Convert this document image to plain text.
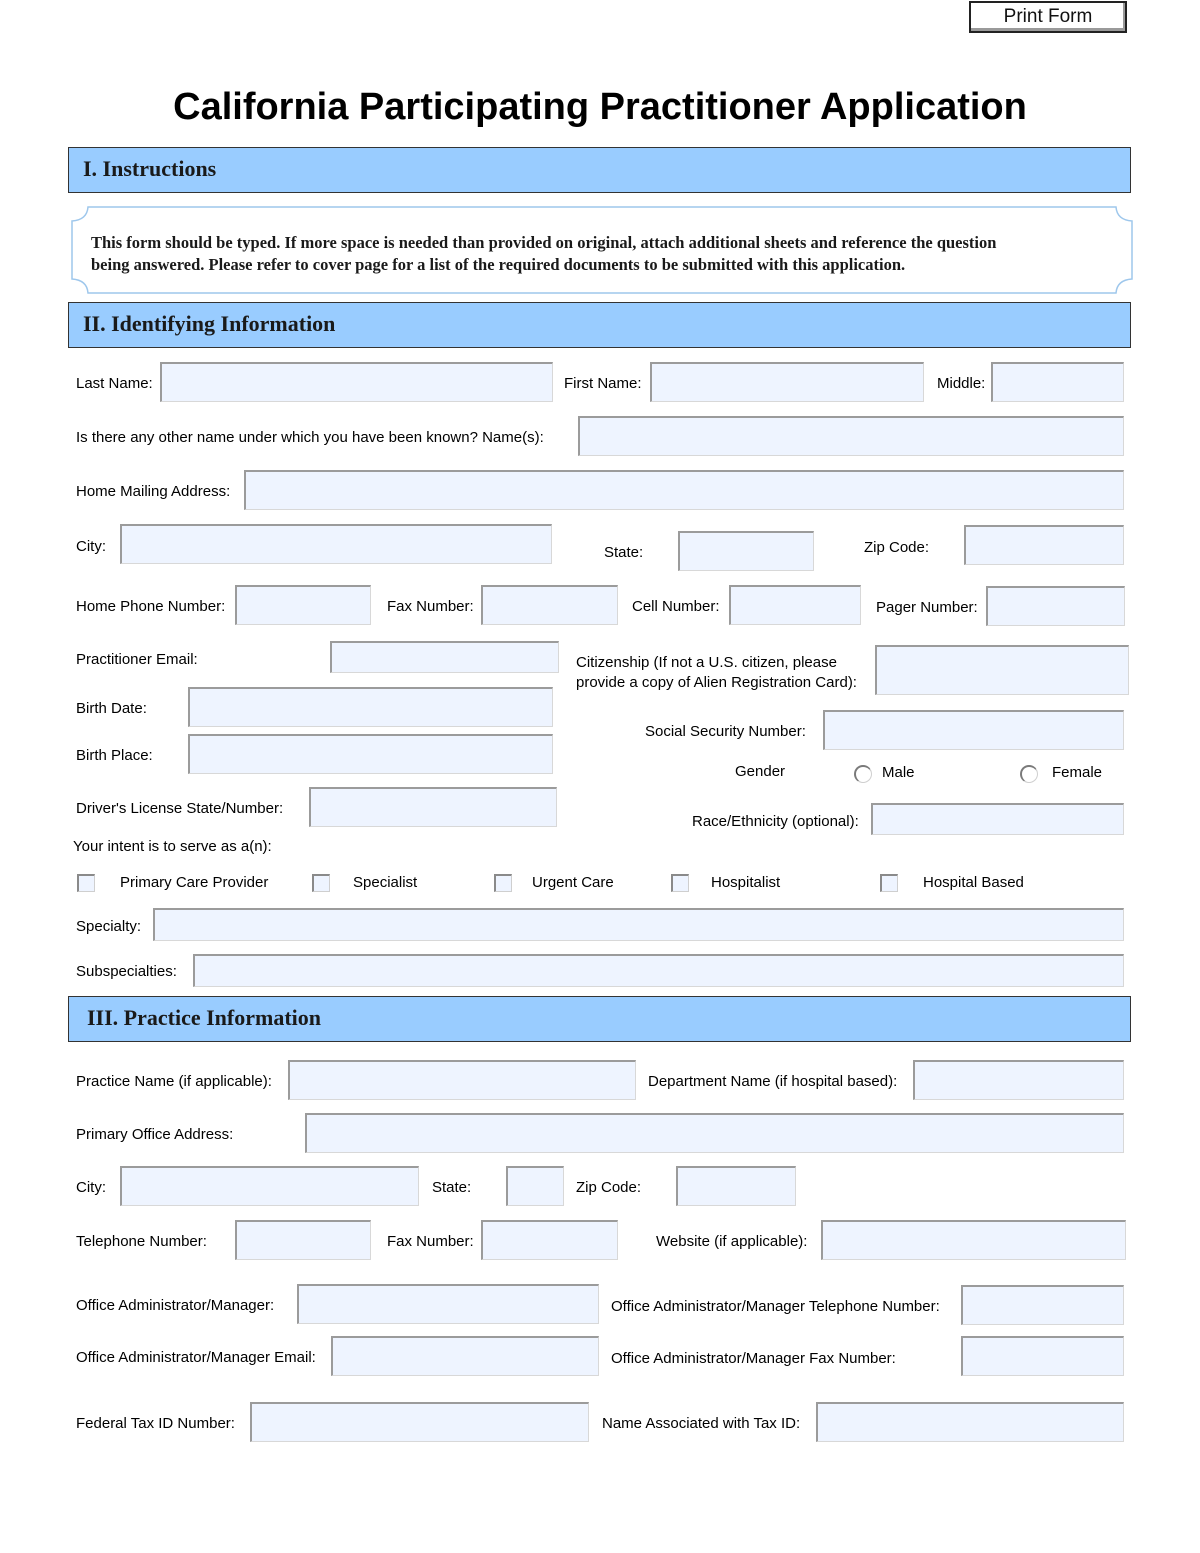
Print Form
California Participating Practitioner Application
I. Instructions
This form should be typed. If more space is needed than provided on original, attach additional sheets and reference the question
being answered. Please refer to cover page for a list of the required documents to be submitted with this application.
II. Identifying Information
Last Name:	First Name:	Middle:
Is there any other name under which you have been known? Name(s):
Home Mailing Address:
City:	State:	Zip Code:
Home Phone Number:	Fax Number:	Cell Number:	Pager Number:
Practitioner Email:	Citizenship (If not a U.S. citizen, please
provide a copy of Alien Registration Card):
Birth Date:
Social Security Number:
Birth Place:
Gender	Male	Female
Driver's License State/Number:
Race/Ethnicity (optional):
Your intent is to serve as a(n):
Primary Care Provider	Specialist	Urgent Care	Hospitalist	Hospital Based
Specialty:
Subspecialties:
III. Practice Information
Practice Name (if applicable):	Department Name (if hospital based):
Primary Office Address:
City:	State:	Zip Code:
Telephone Number:	Fax Number:	Website (if applicable):
Office Administrator/Manager:	Office Administrator/Manager Telephone Number:
Office Administrator/Manager Email:	Office Administrator/Manager Fax Number:
Federal Tax ID Number:	Name Associated with Tax ID:
